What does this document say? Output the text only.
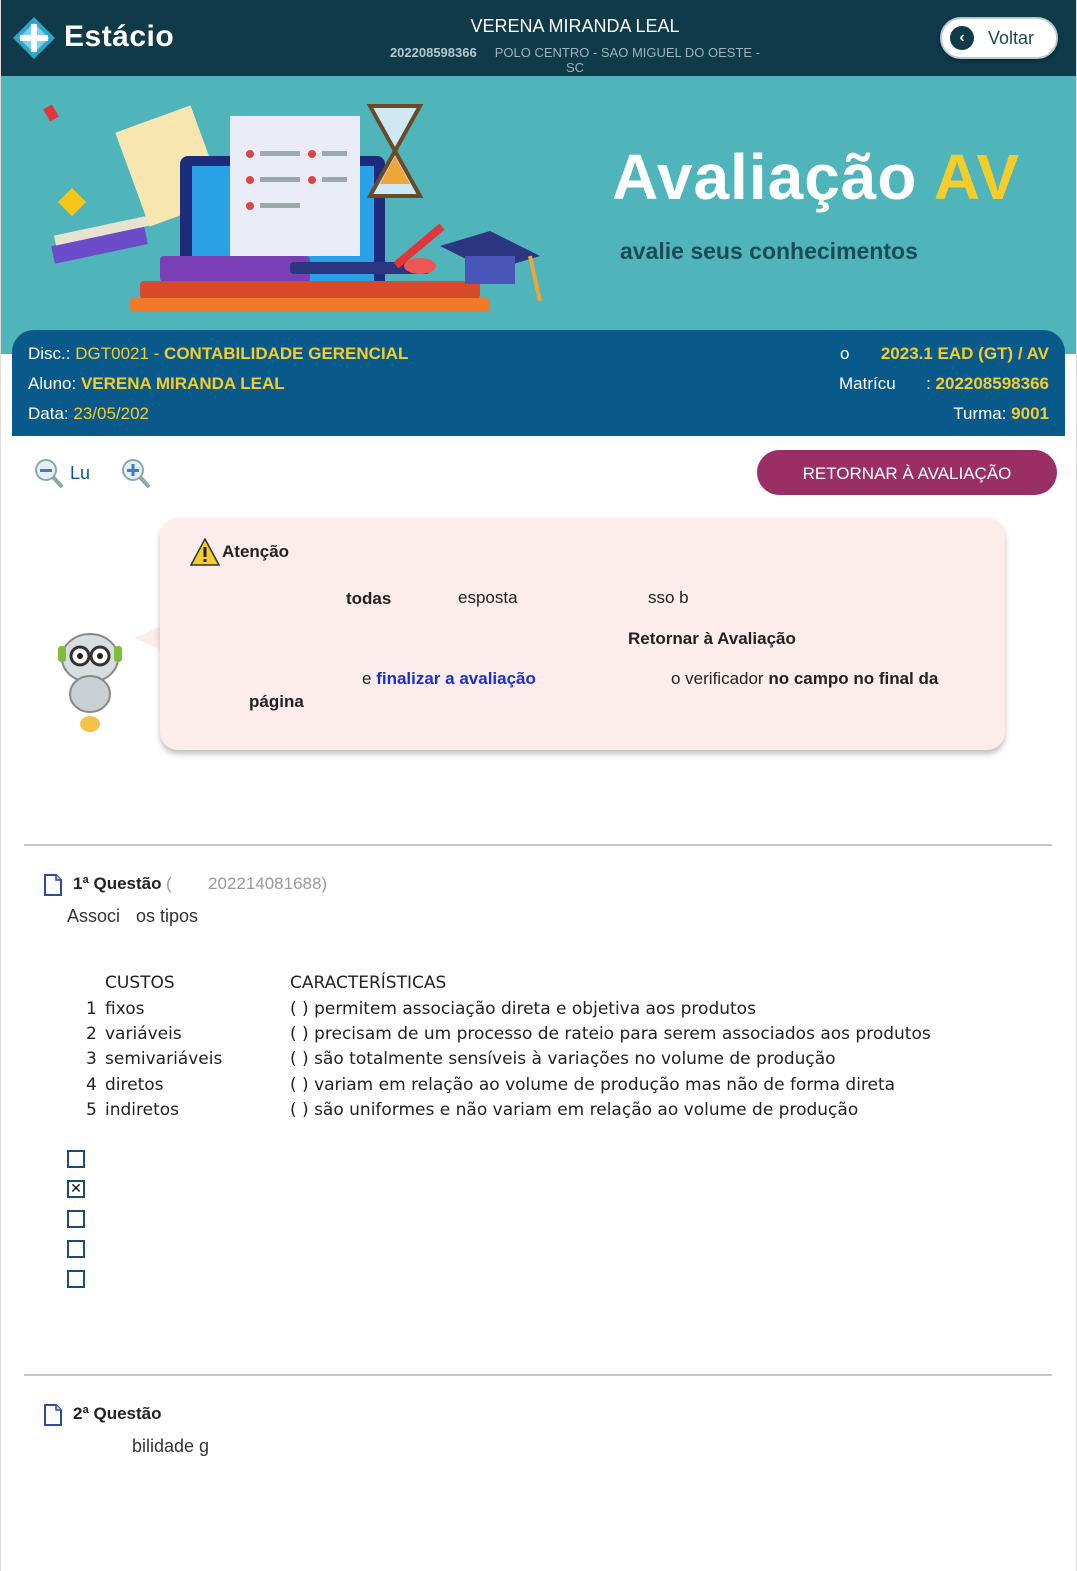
Estácio	VERENA MIRANDA LEAL
202208598366 POLO CENTRO - SAO MIGUEL DO OESTE - SC
‹	Voltar
Avaliação AV
avalie seus conhecimentos
Disc.: DGT0021 - CONTABILIDADE GERENCIAL	o 2023.1 EAD (GT) / AV
Aluno: VERENA MIRANDA LEAL	Matrícu : 202208598366
Data: 23/05/202	Turma: 9001
Lu	RETORNAR À AVALIAÇÃO
Atenção
todas	esposta	sso b
Retornar à Avaliação
e finalizar a avaliação	o verificador no campo no final da
página
1ª Questão ( 202214081688)
Associ os tipos
CUSTOS	CARACTERÍSTICAS
1 fixos	( ) permitem associação direta e objetiva aos produtos
2 variáveis	( ) precisam de um processo de rateio para serem associados aos produtos
3 semivariáveis	( ) são totalmente sensíveis à variações no volume de produção
4 diretos	( ) variam em relação ao volume de produção mas não de forma direta
5 indiretos	( ) são uniformes e não variam em relação ao volume de produção
✕
2ª Questão
bilidade g
